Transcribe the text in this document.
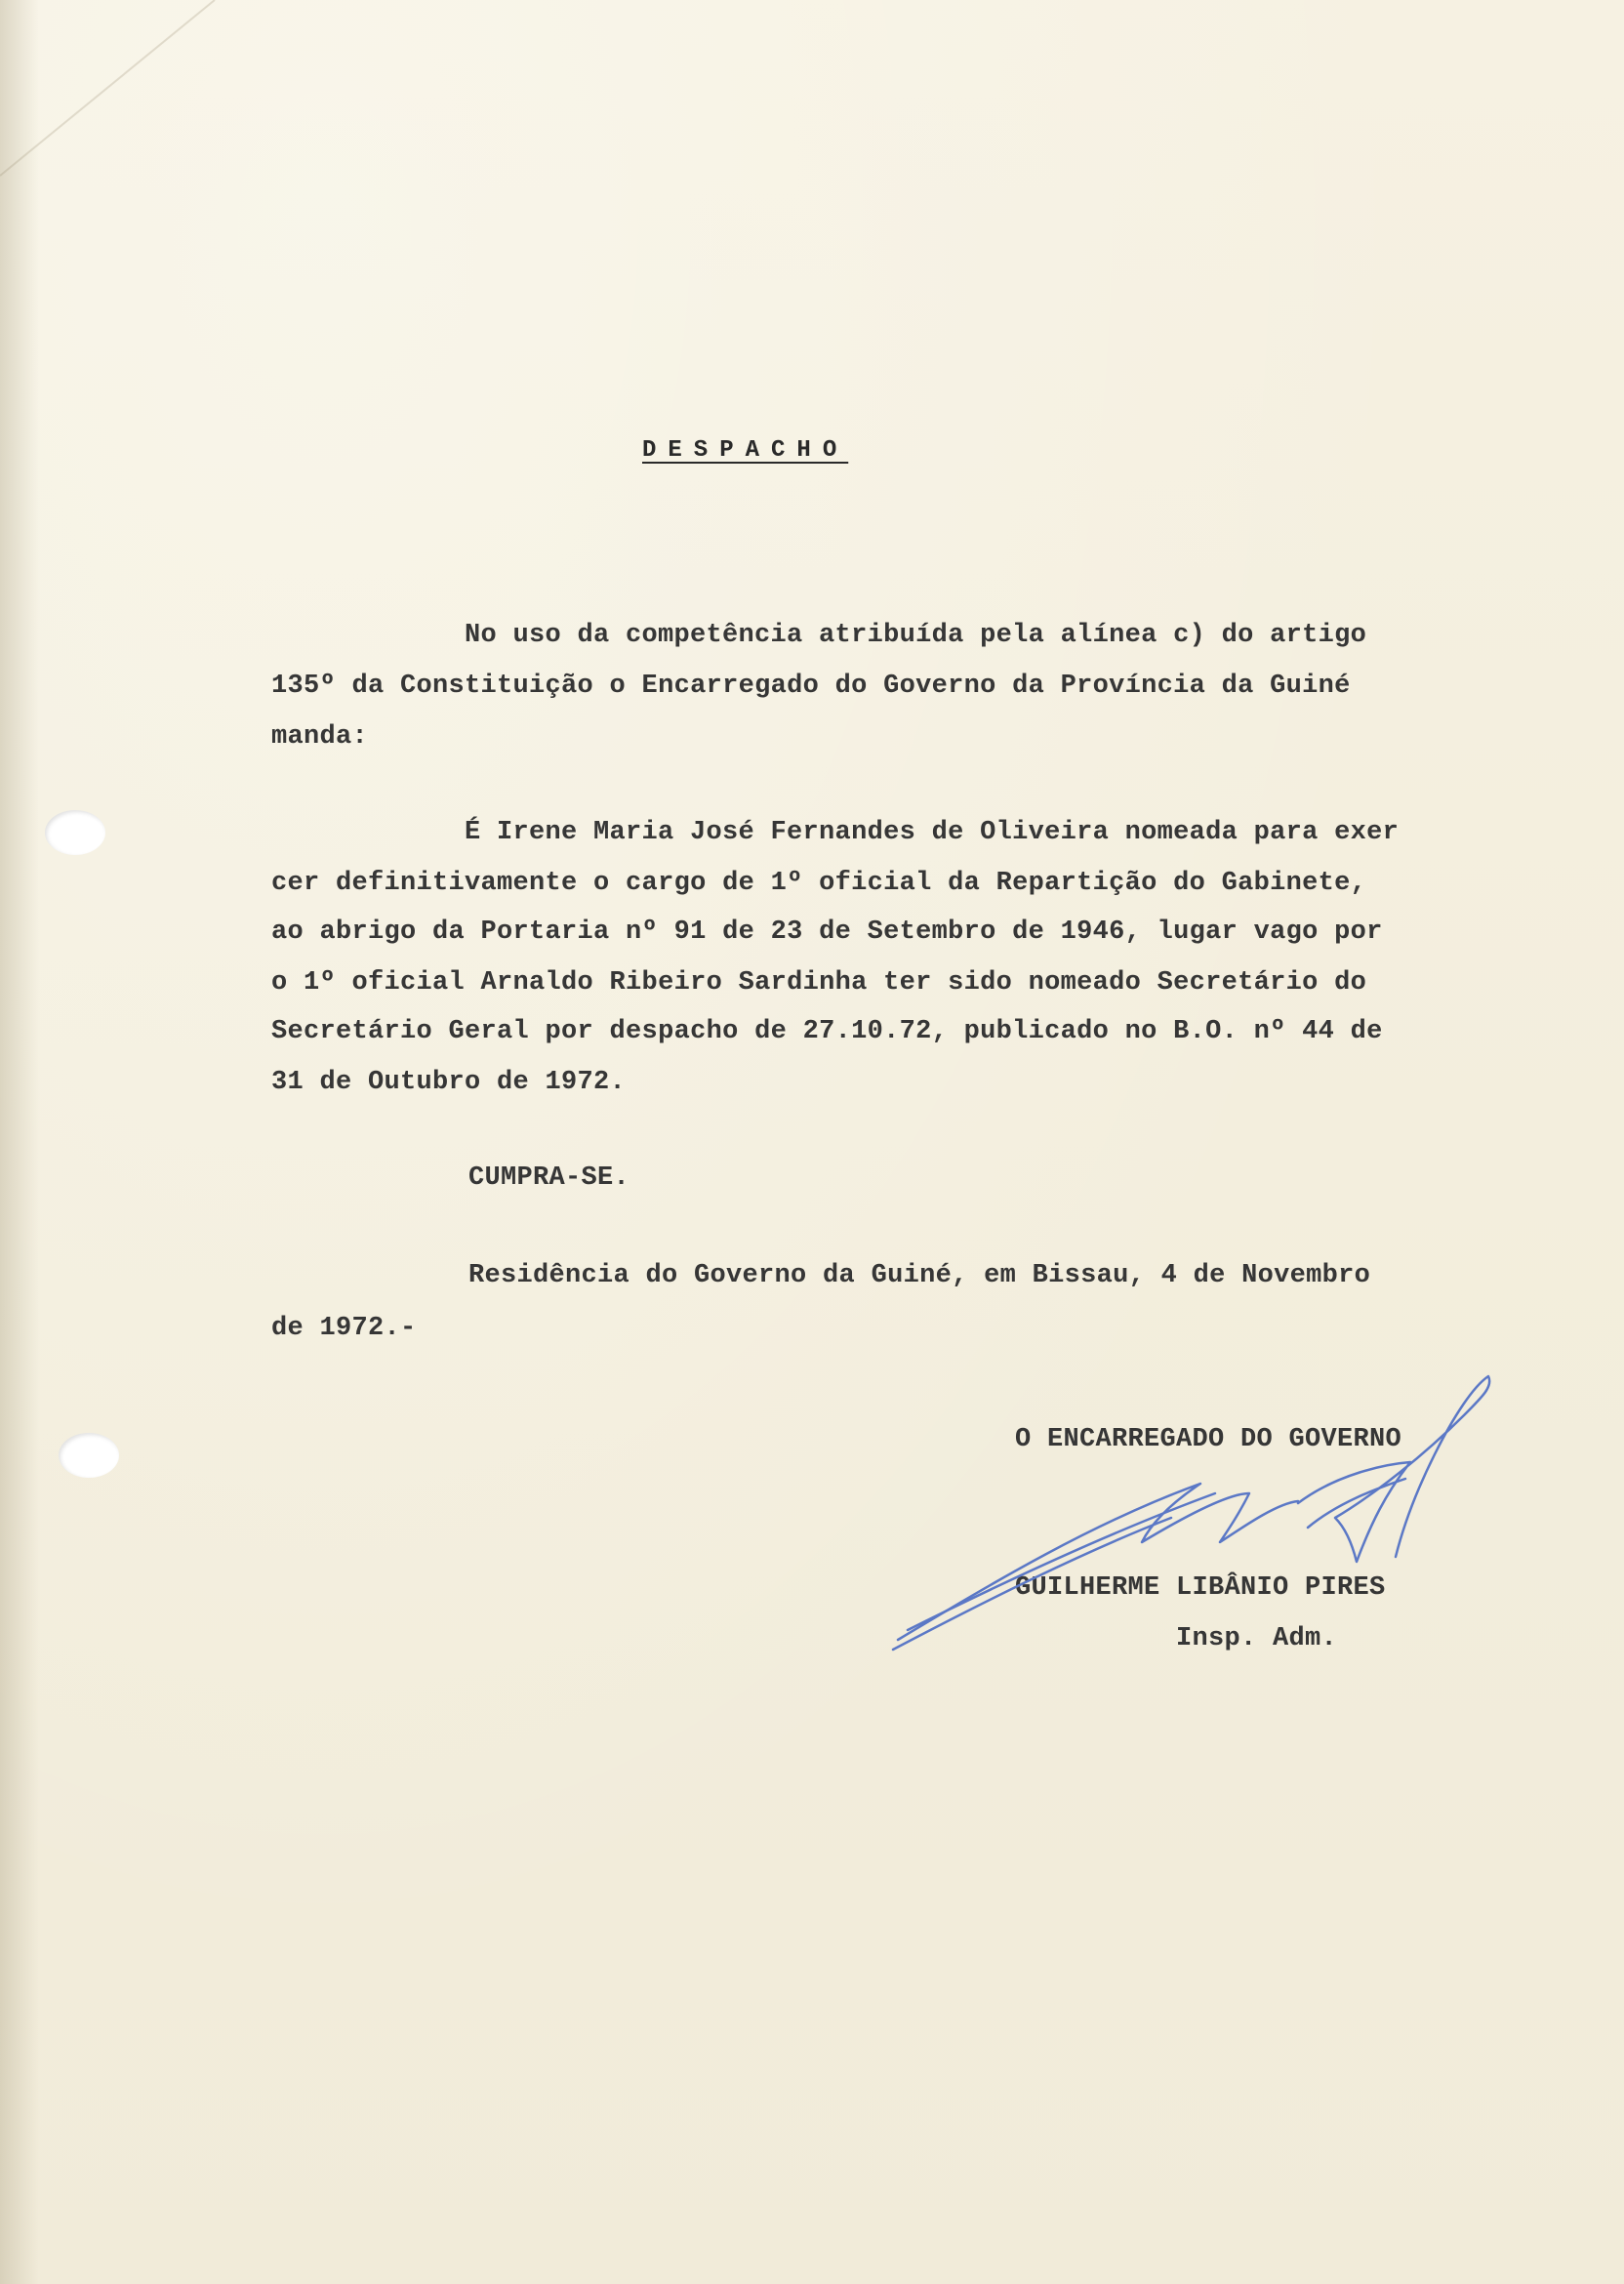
DESPACHO
No uso da competência atribuída pela alínea c) do artigo
135º da Constituição o Encarregado do Governo da Província da Guiné
manda:
É Irene Maria José Fernandes de Oliveira nomeada para exer
cer definitivamente o cargo de 1º oficial da Repartição do Gabinete,
ao abrigo da Portaria nº 91 de 23 de Setembro de 1946, lugar vago por
o 1º oficial Arnaldo Ribeiro Sardinha ter sido nomeado Secretário do
Secretário Geral por despacho de 27.10.72, publicado no B.O. nº 44 de
31 de Outubro de 1972.
CUMPRA-SE.
Residência do Governo da Guiné, em Bissau, 4 de Novembro
de 1972.-
O ENCARREGADO DO GOVERNO
GUILHERME LIBÂNIO PIRES
Insp. Adm.
